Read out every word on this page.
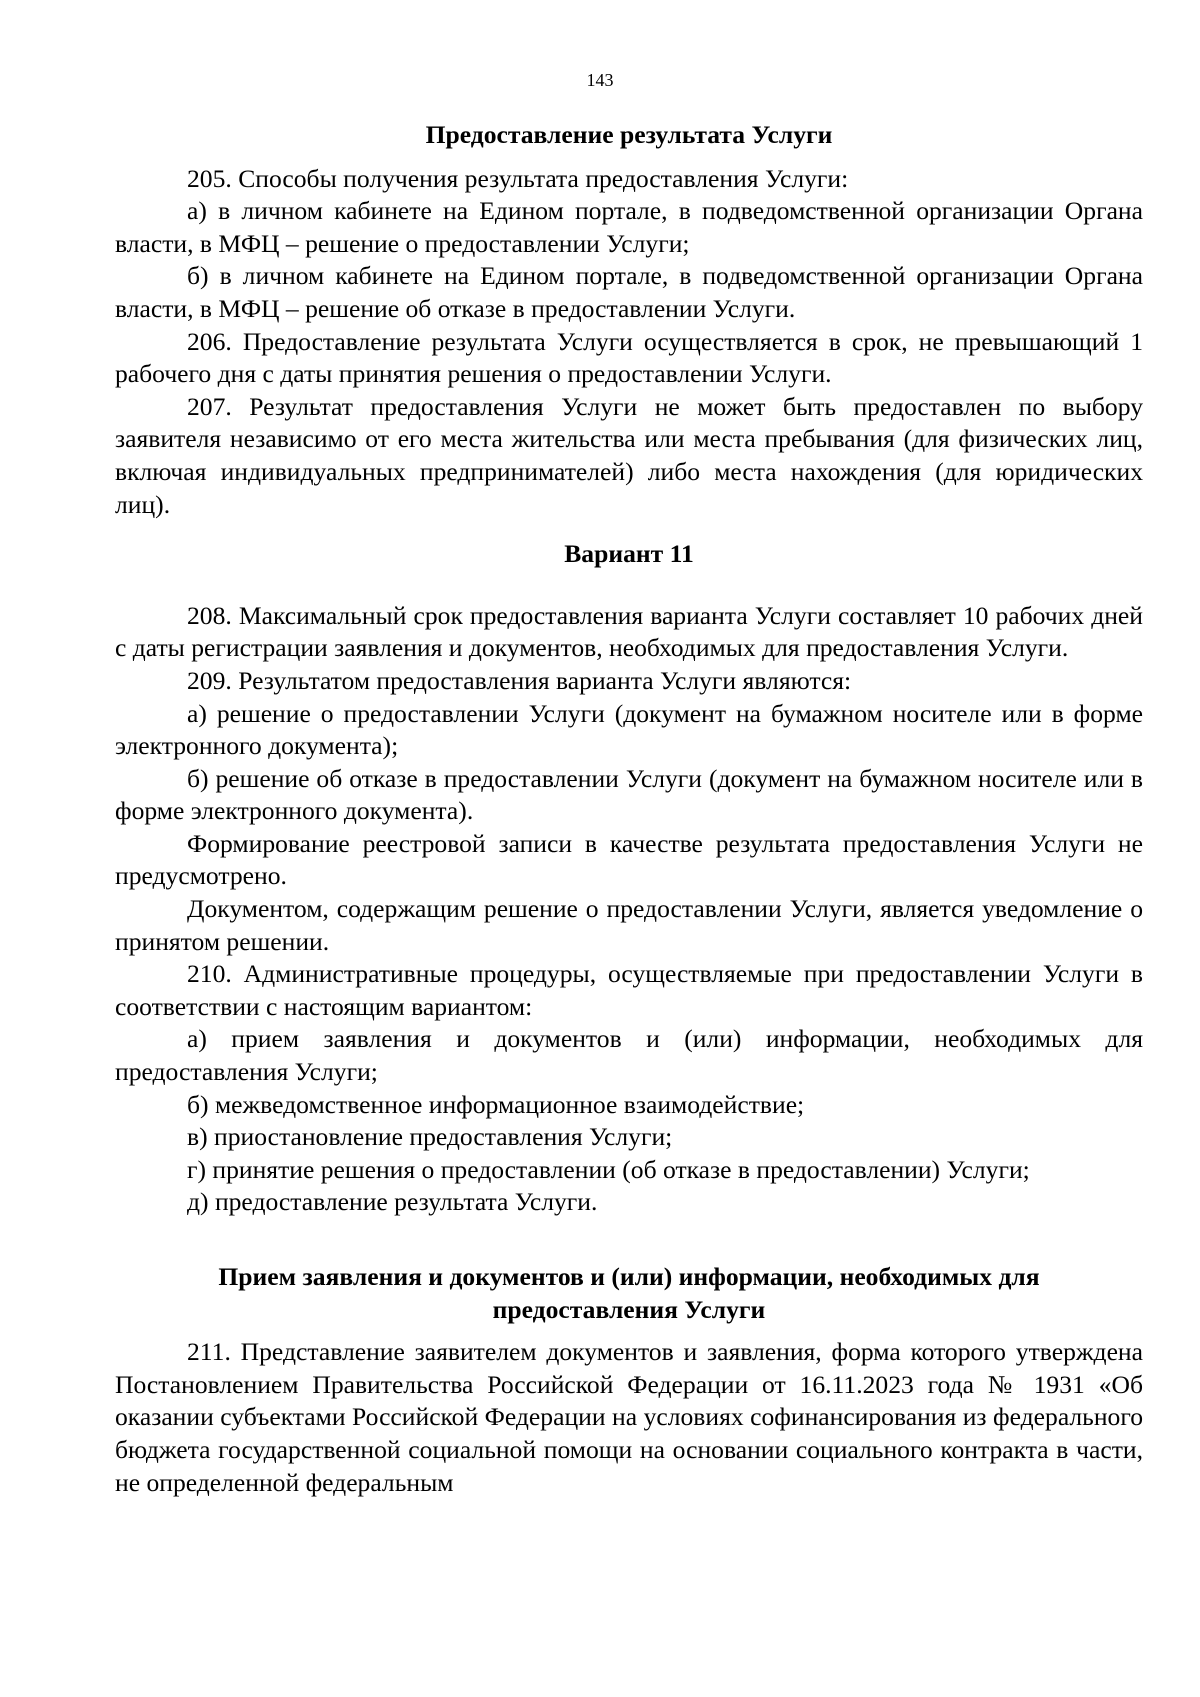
143
Предоставление результата Услуги

205. Способы получения результата предоставления Услуги:

а) в личном кабинете на Едином портале, в подведомственной организации Органа власти, в МФЦ – решение о предоставлении Услуги;

б) в личном кабинете на Едином портале, в подведомственной организации Органа власти, в МФЦ – решение об отказе в предоставлении Услуги.

206. Предоставление результата Услуги осуществляется в срок, не превышающий 1 рабочего дня с даты принятия решения о предоставлении Услуги.

207. Результат предоставления Услуги не может быть предоставлен по выбору заявителя независимо от его места жительства или места пребывания (для физических лиц, включая индивидуальных предпринимателей) либо места нахождения (для юридических лиц).

Вариант 11

208. Максимальный срок предоставления варианта Услуги составляет 10 рабочих дней с даты регистрации заявления и документов, необходимых для предоставления Услуги.

209. Результатом предоставления варианта Услуги являются:

а) решение о предоставлении Услуги (документ на бумажном носителе или в форме электронного документа);

б) решение об отказе в предоставлении Услуги (документ на бумажном носителе или в форме электронного документа).

Формирование реестровой записи в качестве результата предоставления Услуги не предусмотрено.

Документом, содержащим решение о предоставлении Услуги, является уведомление о принятом решении.

210. Административные процедуры, осуществляемые при предоставлении Услуги в соответствии с настоящим вариантом:

а) прием заявления и документов и (или) информации, необходимых для предоставления Услуги;

б) межведомственное информационное взаимодействие;

в) приостановление предоставления Услуги;

г) принятие решения о предоставлении (об отказе в предоставлении) Услуги;

д) предоставление результата Услуги.

Прием заявления и документов и (или) информации, необходимых для
предоставления Услуги

211. Представление заявителем документов и заявления, форма которого утверждена Постановлением Правительства Российской Федерации от 16.11.2023 года № 1931 «Об оказании субъектами Российской Федерации на условиях софинансирования из федерального бюджета государственной социальной помощи на основании социального контракта в части, не определенной федеральным
